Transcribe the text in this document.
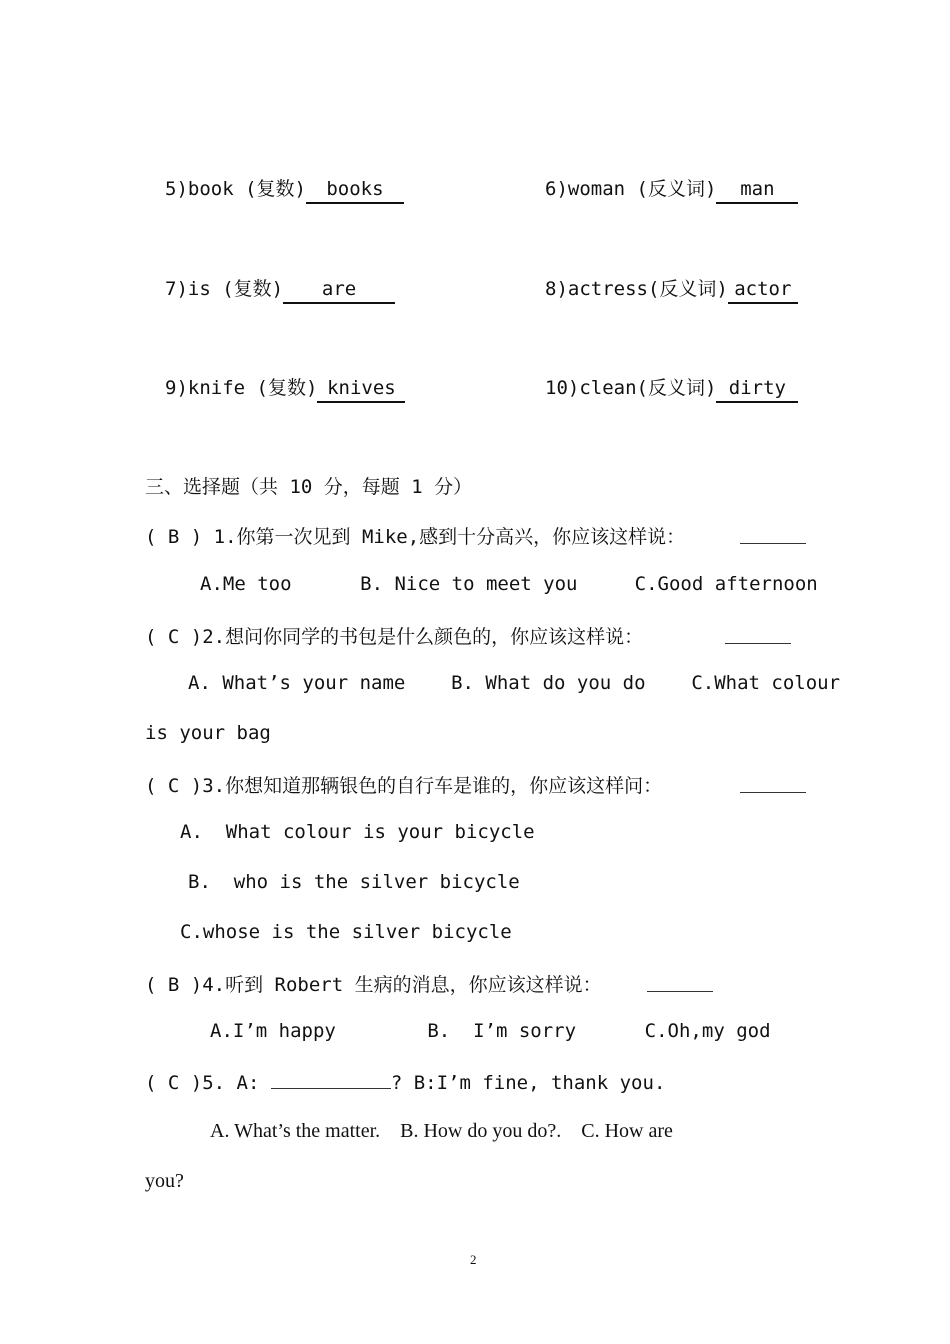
5)book (复数) books	6)woman (反义词) man
7)is (复数) are	8)actress(反义词) actor
9)knife (复数) knives	10)clean(反义词) dirty
三、选择题（共 10 分，每题 1 分）
( B ) 1.你第一次见到 Mike,感到十分高兴，你应该这样说：
A.Me too      B. Nice to meet you     C.Good afternoon
( C )2.想问你同学的书包是什么颜色的，你应该这样说：
A. What’s your name    B. What do you do    C.What colour
is your bag
( C )3.你想知道那辆银色的自行车是谁的，你应该这样问：
A.  What colour is your bicycle
B.  who is the silver bicycle
C.whose is the silver bicycle
( B )4.听到 Robert 生病的消息，你应该这样说：
A.I’m happy        B.  I’m sorry      C.Oh,my god
( C )5. A:	? B:I’m fine, thank you.
A. What’s the matter.    B. How do you do?.    C. How are
you?
2
